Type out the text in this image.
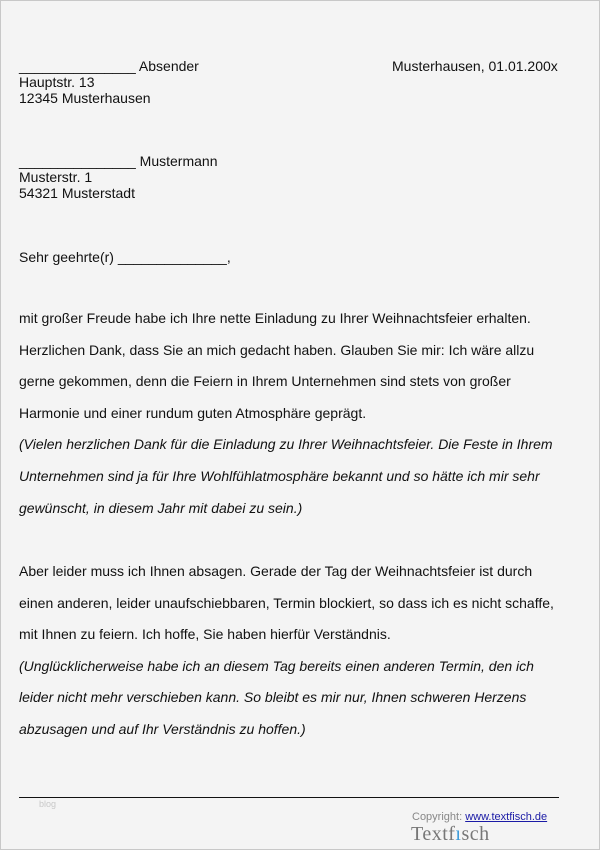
_______________ Absender
Hauptstr. 13
12345 Musterhausen
Musterhausen, 01.01.200x
_______________ Mustermann
Musterstr. 1
54321 Musterstadt
Sehr geehrte(r) ______________,
mit großer Freude habe ich Ihre nette Einladung zu Ihrer Weihnachtsfeier erhalten.
Herzlichen Dank, dass Sie an mich gedacht haben. Glauben Sie mir: Ich wäre allzu
gerne gekommen, denn die Feiern in Ihrem Unternehmen sind stets von großer
Harmonie und einer rundum guten Atmosphäre geprägt.
(Vielen herzlichen Dank für die Einladung zu Ihrer Weihnachtsfeier. Die Feste in Ihrem
Unternehmen sind ja für Ihre Wohlfühlatmosphäre bekannt und so hätte ich mir sehr
gewünscht, in diesem Jahr mit dabei zu sein.)
Aber leider muss ich Ihnen absagen. Gerade der Tag der Weihnachtsfeier ist durch
einen anderen, leider unaufschiebbaren, Termin blockiert, so dass ich es nicht schaffe,
mit Ihnen zu feiern. Ich hoffe, Sie haben hierfür Verständnis.
(Unglücklicherweise habe ich an diesem Tag bereits einen anderen Termin, den ich
leider nicht mehr verschieben kann. So bleibt es mir nur, Ihnen schweren Herzens
abzusagen und auf Ihr Verständnis zu hoffen.)
blog
Copyright: www.textfisch.de
Textfısch
